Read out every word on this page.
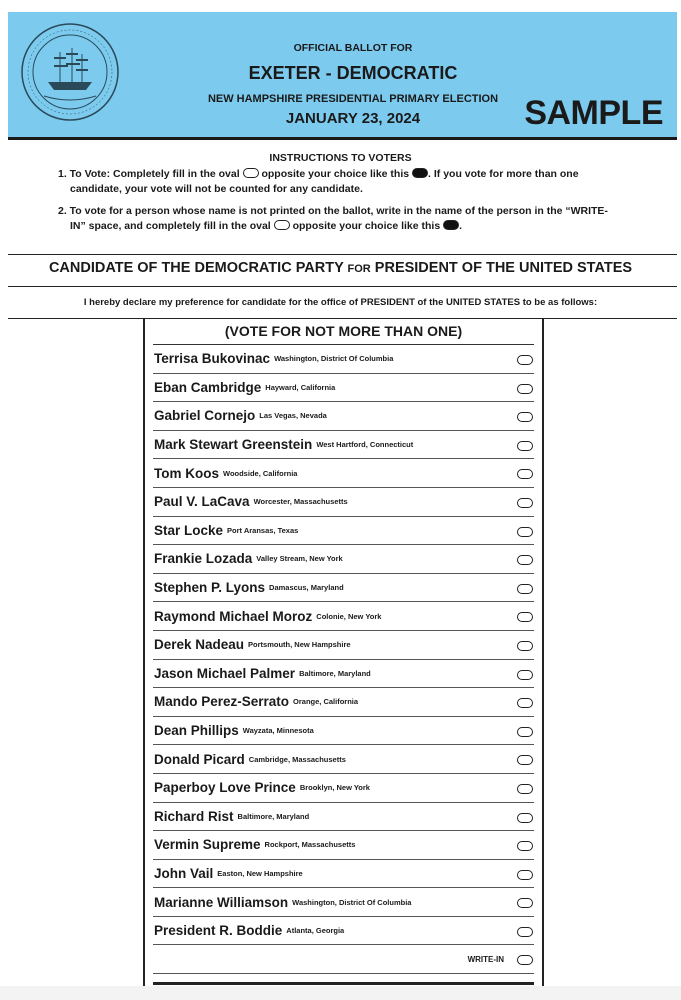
OFFICIAL BALLOT FOR
EXETER - DEMOCRATIC
NEW HAMPSHIRE PRESIDENTIAL PRIMARY ELECTION
JANUARY 23, 2024	SAMPLE
INSTRUCTIONS TO VOTERS
1. To Vote: Completely fill in the oval opposite your choice like this . If you vote for more than one
candidate, your vote will not be counted for any candidate.
2. To vote for a person whose name is not printed on the ballot, write in the name of the person in the “WRITE-
IN” space, and completely fill in the oval opposite your choice like this .
CANDIDATE OF THE DEMOCRATIC PARTY FOR PRESIDENT OF THE UNITED STATES
I hereby declare my preference for candidate for the office of PRESIDENT of the UNITED STATES to be as follows:
(VOTE FOR NOT MORE THAN ONE)
Terrisa Bukovinac Washington, District Of Columbia
Eban Cambridge Hayward, California
Gabriel Cornejo Las Vegas, Nevada
Mark Stewart Greenstein West Hartford, Connecticut
Tom Koos Woodside, California
Paul V. LaCava Worcester, Massachusetts
Star Locke Port Aransas, Texas
Frankie Lozada Valley Stream, New York
Stephen P. Lyons Damascus, Maryland
Raymond Michael Moroz Colonie, New York
Derek Nadeau Portsmouth, New Hampshire
Jason Michael Palmer Baltimore, Maryland
Mando Perez-Serrato Orange, California
Dean Phillips Wayzata, Minnesota
Donald Picard Cambridge, Massachusetts
Paperboy Love Prince Brooklyn, New York
Richard Rist Baltimore, Maryland
Vermin Supreme Rockport, Massachusetts
John Vail Easton, New Hampshire
Marianne Williamson Washington, District Of Columbia
President R. Boddie Atlanta, Georgia
WRITE-IN
